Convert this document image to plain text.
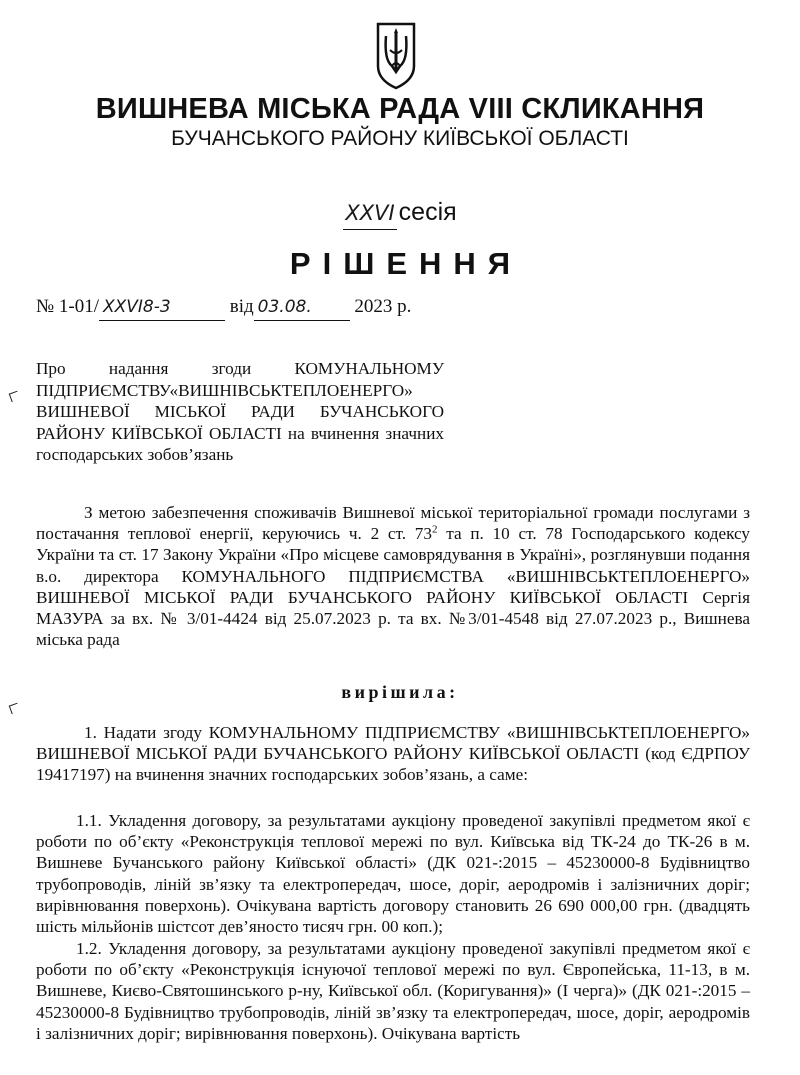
ВИШНЕВА МІСЬКА РАДА VIII СКЛИКАННЯ
БУЧАНСЬКОГО РАЙОНУ КИЇВСЬКОЇ ОБЛАСТІ
XXVI сесія
РІШЕННЯ
№ 1-01/ XXVI8-3	від 03.08. 2023 р.
Про надання згоди КОМУНАЛЬНОМУ ПІДПРИЄМСТВУ«ВИШНІВСЬКТЕПЛОЕНЕРГО» ВИШНЕВОЇ МІСЬКОЇ РАДИ БУЧАНСЬКОГО РАЙОНУ КИЇВСЬКОЇ ОБЛАСТІ на вчинення значних господарських зобов’язань
З метою забезпечення споживачів Вишневої міської територіальної громади послугами з постачання теплової енергії, керуючись ч. 2 ст. $73^2$ та п. 10 ст. 78 Господарського кодексу України та ст. 17 Закону України «Про місцеве самоврядування в Україні», розглянувши подання в.о. директора КОМУНАЛЬНОГО ПІДПРИЄМСТВА «ВИШНІВСЬКТЕПЛОЕНЕРГО» ВИШНЕВОЇ МІСЬКОЇ РАДИ БУЧАНСЬКОГО РАЙОНУ КИЇВСЬКОЇ ОБЛАСТІ Сергія МАЗУРА за вх. № 3/01-4424 від 25.07.2023 р. та вх. №3/01-4548 від 27.07.2023 р., Вишнева міська рада
вирішила:
1. Надати згоду КОМУНАЛЬНОМУ ПІДПРИЄМСТВУ «ВИШНІВСЬКТЕПЛОЕНЕРГО» ВИШНЕВОЇ МІСЬКОЇ РАДИ БУЧАНСЬКОГО РАЙОНУ КИЇВСЬКОЇ ОБЛАСТІ (код ЄДРПОУ 19417197) на вчинення значних господарських зобов’язань, а саме:
1.1. Укладення договору, за результатами аукціону проведеної закупівлі предметом якої є роботи по об’єкту «Реконструкція теплової мережі по вул. Київська від ТК-24 до ТК-26 в м. Вишневе Бучанського району Київської області» (ДК 021-:2015 – 45230000-8 Будівництво трубопроводів, ліній зв’язку та електропередач, шосе, доріг, аеродромів і залізничних доріг; вирівнювання поверхонь). Очікувана вартість договору становить 26 690 000,00 грн. (двадцять шість мільйонів шістсот дев’яносто тисяч грн. 00 коп.);
1.2. Укладення договору, за результатами аукціону проведеної закупівлі предметом якої є роботи по об’єкту «Реконструкція існуючої теплової мережі по вул. Європейська, 11-13, в м. Вишневе, Києво-Святошинського р-ну, Київської обл. (Коригування)» (І черга)» (ДК 021-:2015 – 45230000-8 Будівництво трубопроводів, ліній зв’язку та електропередач, шосе, доріг, аеродромів і залізничних доріг; вирівнювання поверхонь). Очікувана вартість
